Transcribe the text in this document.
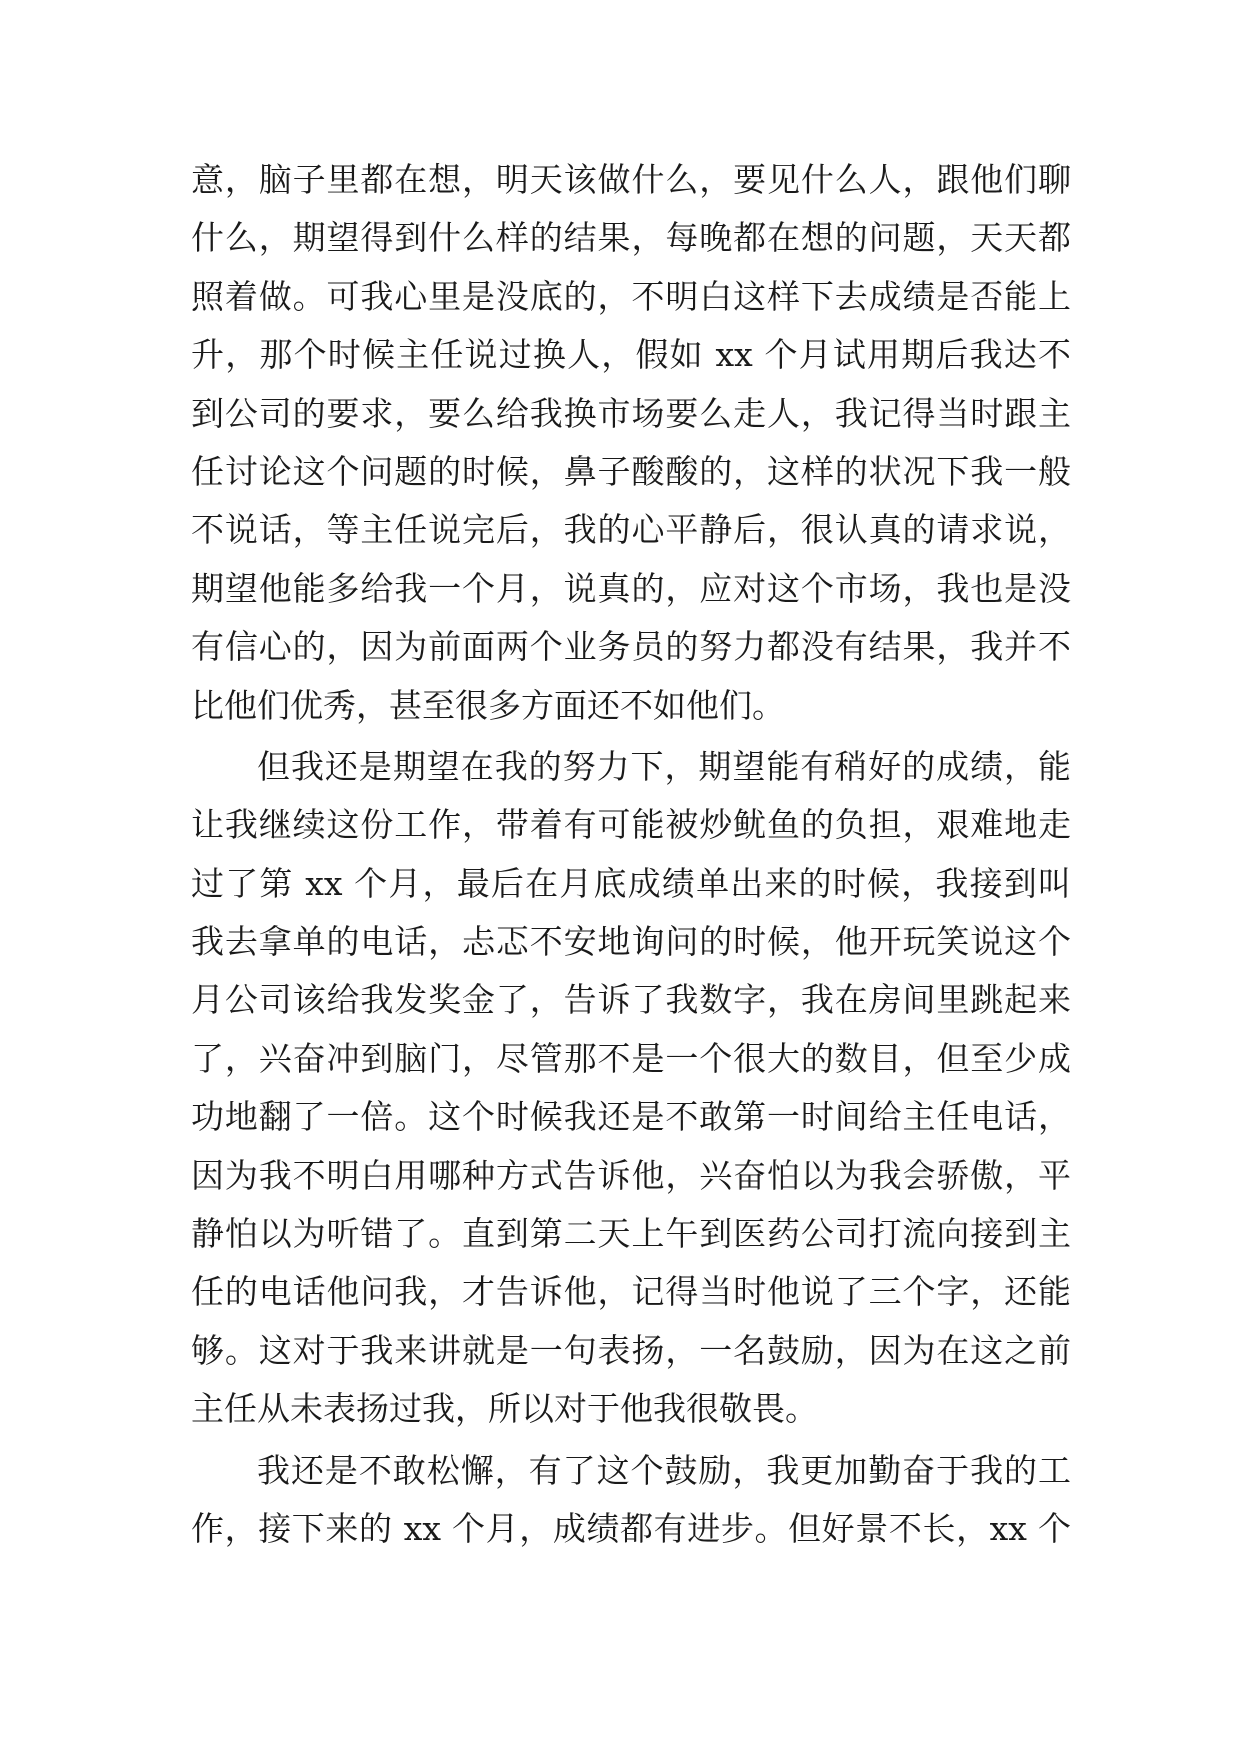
意，脑子里都在想，明天该做什么，要见什么人，跟他们聊
什么，期望得到什么样的结果，每晚都在想的问题，天天都
照着做。可我心里是没底的，不明白这样下去成绩是否能上
升，那个时候主任说过换人，假如 xx 个月试用期后我达不
到公司的要求，要么给我换市场要么走人，我记得当时跟主
任讨论这个问题的时候，鼻子酸酸的，这样的状况下我一般
不说话，等主任说完后，我的心平静后，很认真的请求说，
期望他能多给我一个月，说真的，应对这个市场，我也是没
有信心的，因为前面两个业务员的努力都没有结果，我并不
比他们优秀，甚至很多方面还不如他们。
但我还是期望在我的努力下，期望能有稍好的成绩，能
让我继续这份工作，带着有可能被炒鱿鱼的负担，艰难地走
过了第 xx 个月，最后在月底成绩单出来的时候，我接到叫
我去拿单的电话，忐忑不安地询问的时候，他开玩笑说这个
月公司该给我发奖金了，告诉了我数字，我在房间里跳起来
了，兴奋冲到脑门，尽管那不是一个很大的数目，但至少成
功地翻了一倍。这个时候我还是不敢第一时间给主任电话，
因为我不明白用哪种方式告诉他，兴奋怕以为我会骄傲，平
静怕以为听错了。直到第二天上午到医药公司打流向接到主
任的电话他问我，才告诉他，记得当时他说了三个字，还能
够。这对于我来讲就是一句表扬，一名鼓励，因为在这之前
主任从未表扬过我，所以对于他我很敬畏。
我还是不敢松懈，有了这个鼓励，我更加勤奋于我的工
作，接下来的 xx 个月，成绩都有进步。但好景不长，xx 个
